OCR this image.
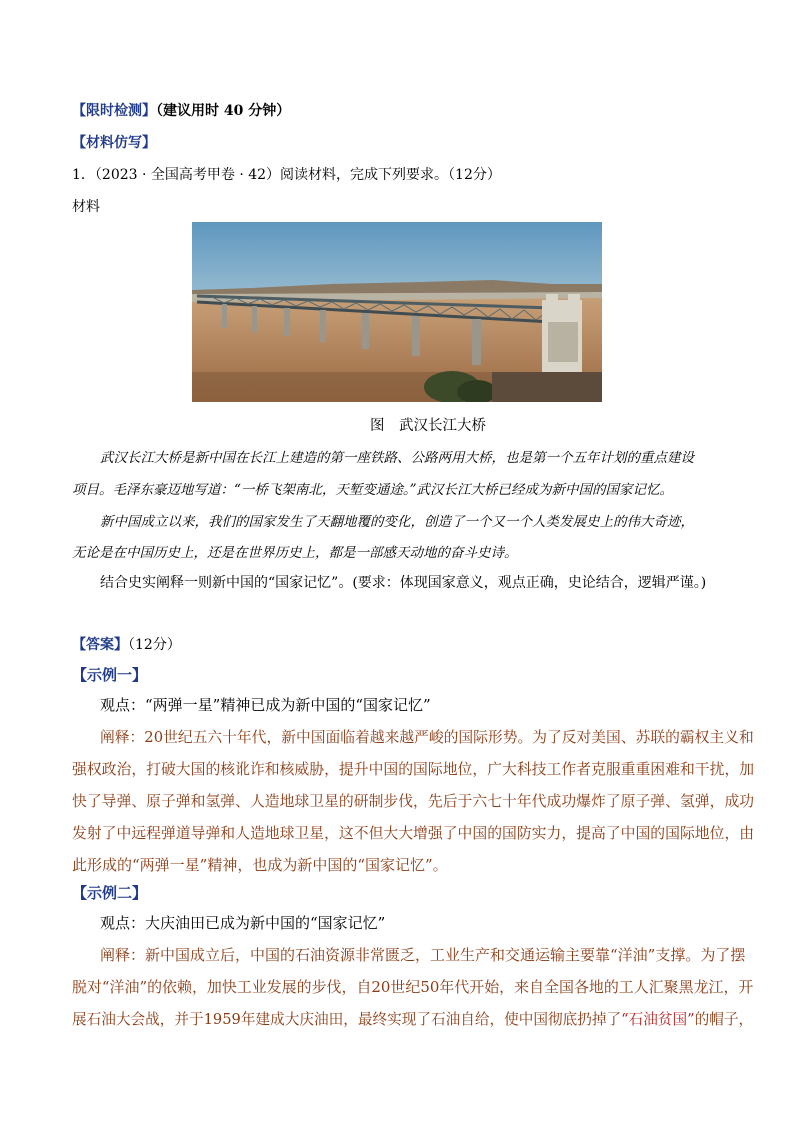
【限时检测】（建议用时 40 分钟）
【材料仿写】
1．（2023 · 全国高考甲卷 · 42）阅读材料，完成下列要求。（12分）
材料
图　武汉长江大桥
武汉长江大桥是新中国在长江上建造的第一座铁路、公路两用大桥，也是第一个五年计划的重点建设
项目。毛泽东豪迈地写道：“一桥飞架南北，天堑变通途。”武汉长江大桥已经成为新中国的国家记忆。
新中国成立以来，我们的国家发生了天翻地覆的变化，创造了一个又一个人类发展史上的伟大奇迹，
无论是在中国历史上，还是在世界历史上，都是一部感天动地的奋斗史诗。
结合史实阐释一则新中国的“国家记忆”。(要求：体现国家意义，观点正确，史论结合，逻辑严谨。)
【答案】（12分）
【示例一】
观点：“两弹一星”精神已成为新中国的“国家记忆”
阐释：20世纪五六十年代，新中国面临着越来越严峻的国际形势。为了反对美国、苏联的霸权主义和
强权政治，打破大国的核讹诈和核威胁，提升中国的国际地位，广大科技工作者克服重重困难和干扰，加
快了导弹、原子弹和氢弹、人造地球卫星的研制步伐，先后于六七十年代成功爆炸了原子弹、氢弹，成功
发射了中远程弹道导弹和人造地球卫星，这不但大大增强了中国的国防实力，提高了中国的国际地位，由
此形成的“两弹一星”精神，也成为新中国的“国家记忆”。
【示例二】
观点：大庆油田已成为新中国的“国家记忆”
阐释：新中国成立后，中国的石油资源非常匮乏，工业生产和交通运输主要靠“洋油”支撑。为了摆
脱对“洋油”的依赖，加快工业发展的步伐，自20世纪50年代开始，来自全国各地的工人汇聚黑龙江，开
展石油大会战，并于1959年建成大庆油田，最终实现了石油自给，使中国彻底扔掉了“石油贫国”的帽子，
